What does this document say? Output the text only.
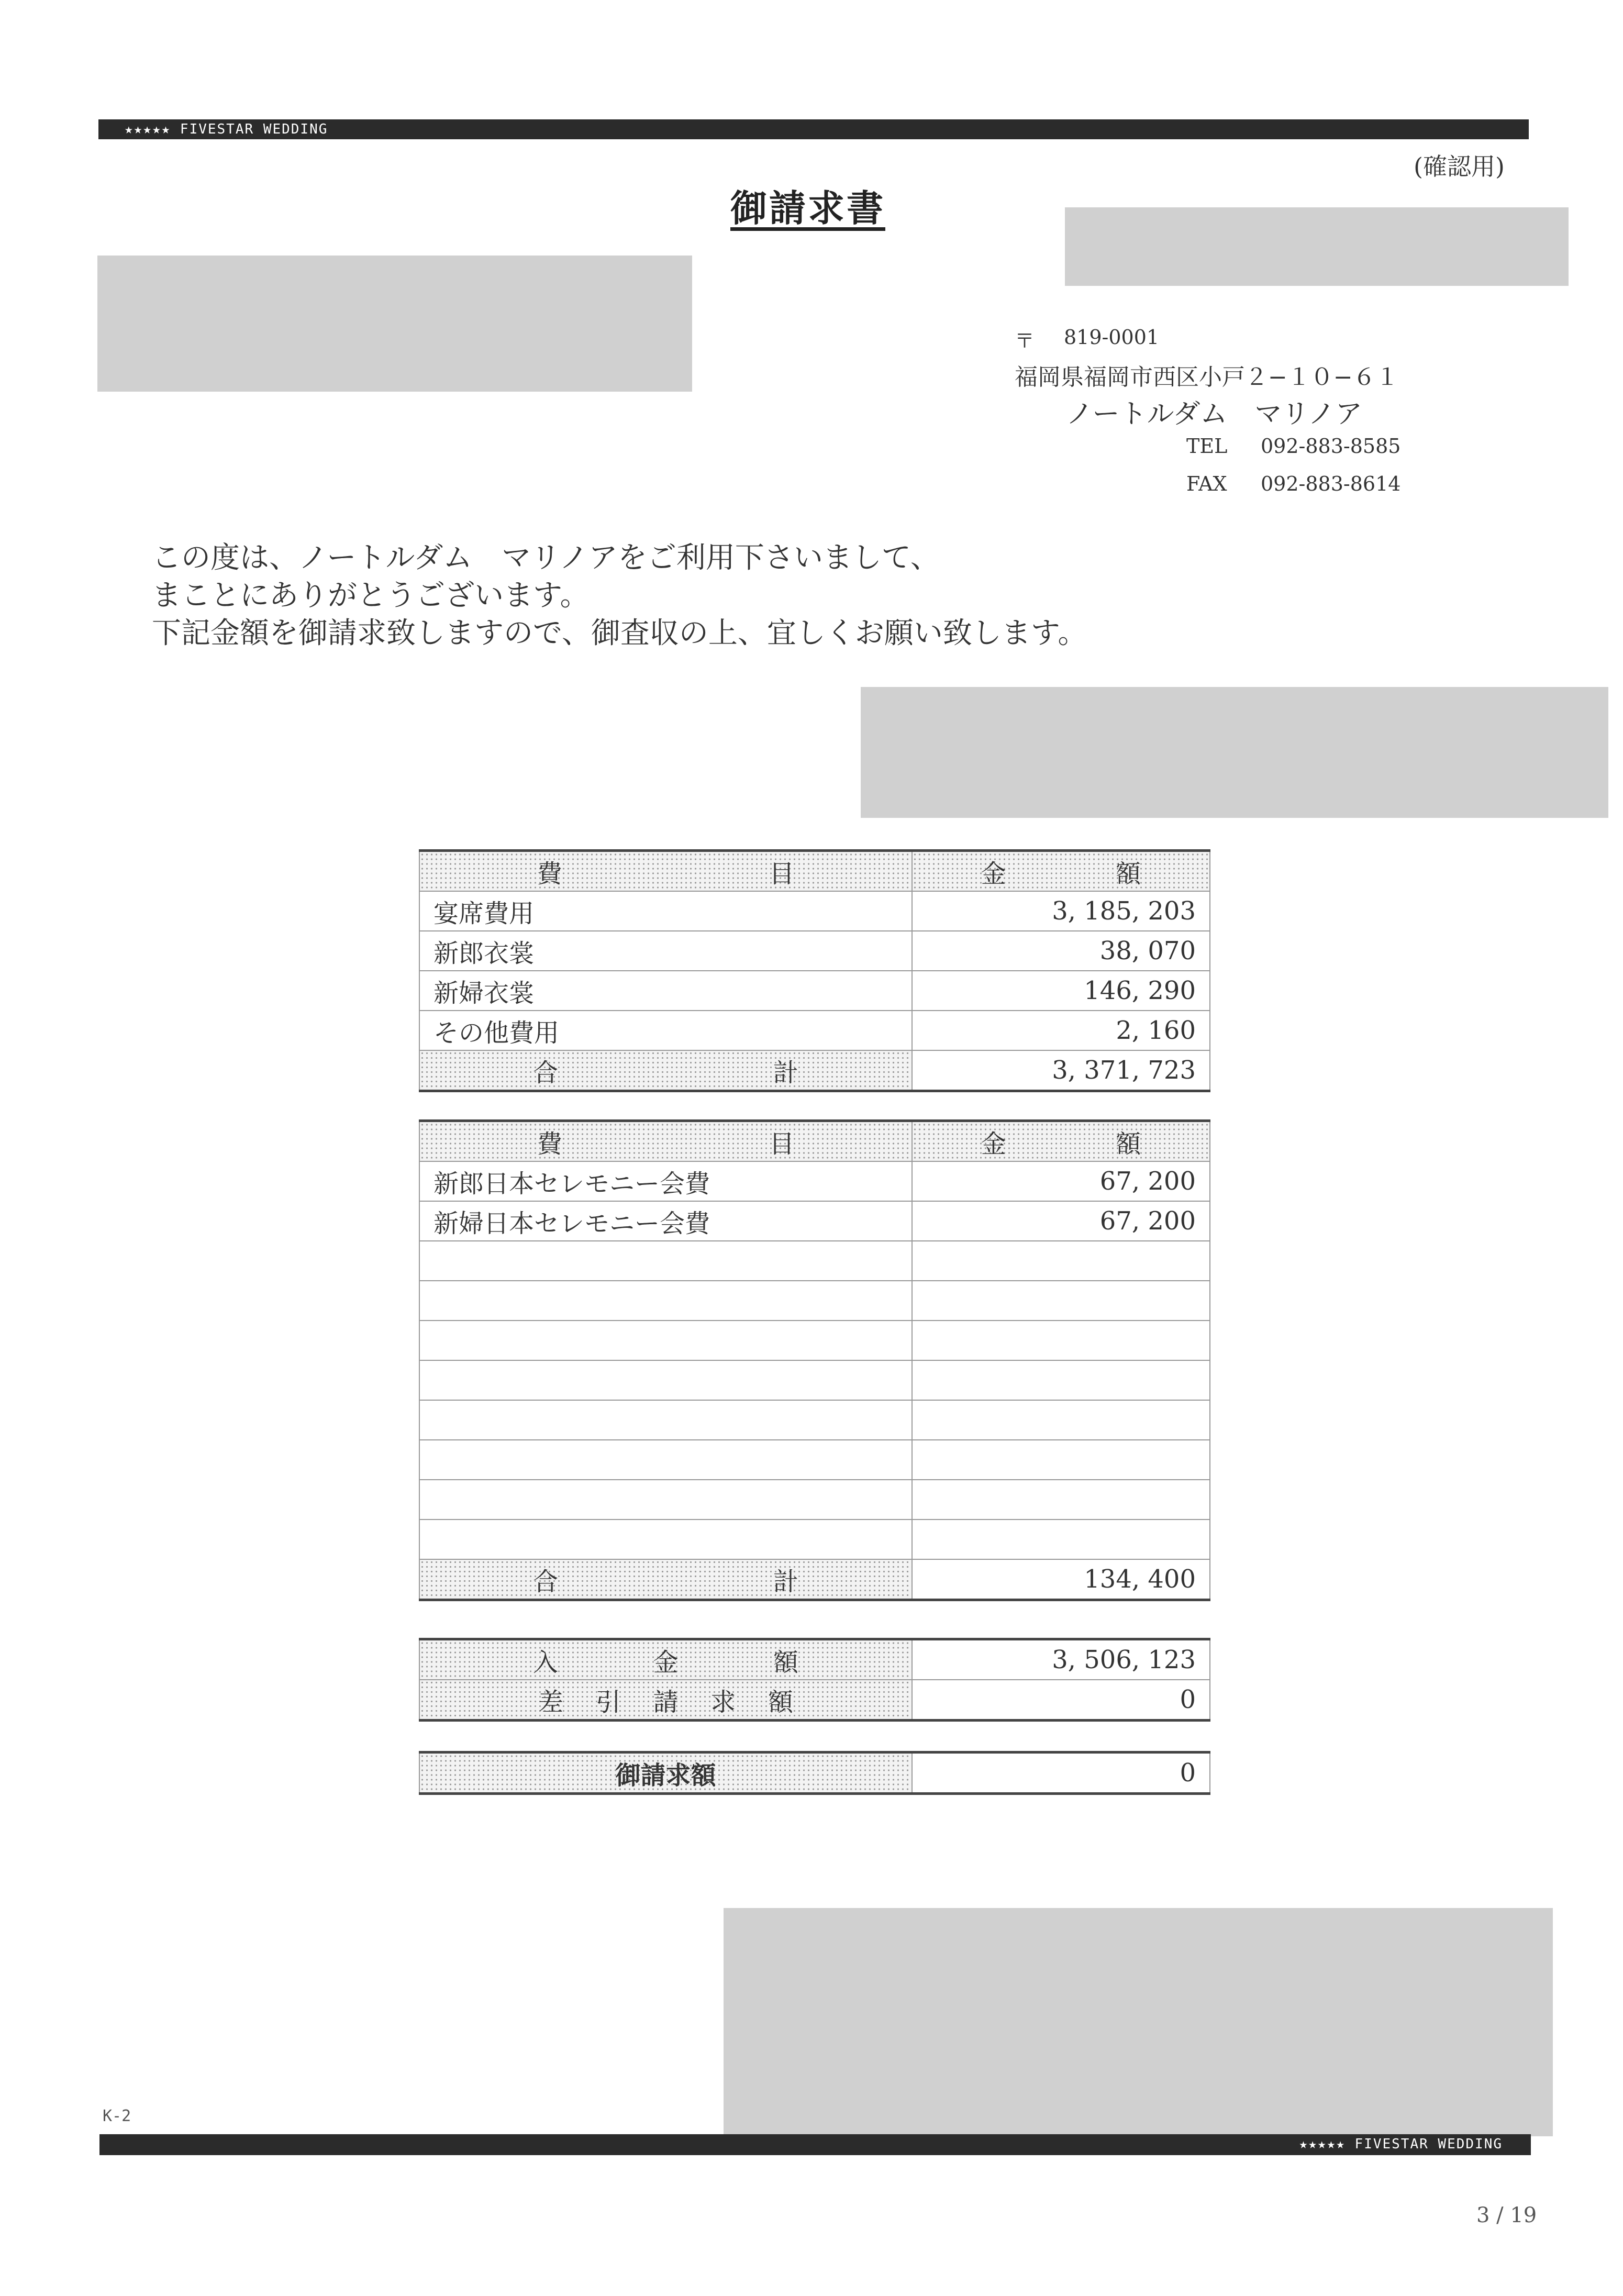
★★★★★ FIVESTAR WEDDING
(確認用)
御請求書
〒 819-0001
福岡県福岡市西区小戸２−１０−６１
ノートルダム　マリノア
TEL 092-883-8585
FAX 092-883-8614
この度は、ノートルダム　マリノアをご利用下さいまして、
まことにありがとうございます。
下記金額を御請求致しますので、御査収の上、宜しくお願い致します。
費 目	金 額

宴席費用	3, 185, 203
新郎衣裳	38, 070
新婦衣裳	146, 290
その他費用	2, 160

合 計	3, 371, 723
費 目	金 額

新郎日本セレモニー会費	67, 200
新婦日本セレモニー会費	67, 200

合 計	134, 400
入 金 額	3, 506, 123

差 引 請 求 額	0

御請求額	0
K-2
★★★★★ FIVESTAR WEDDING
3 / 19
